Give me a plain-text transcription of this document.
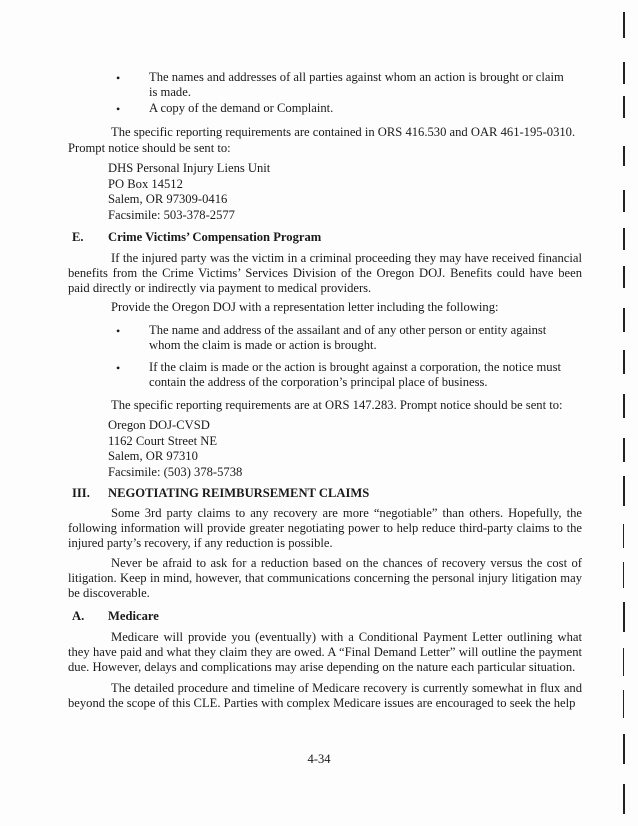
• The names and addresses of all parties against whom an action is brought or claim is made.
• A copy of the demand or Complaint.
The specific reporting requirements are contained in ORS 416.530 and OAR 461-195-0310.
Prompt notice should be sent to:
DHS Personal Injury Liens Unit
PO Box 14512
Salem, OR 97309-0416
Facsimile: 503-378-2577
E. Crime Victims’ Compensation Program
If the injured party was the victim in a criminal proceeding they may have received financial benefits from the Crime Victims’ Services Division of the Oregon DOJ. Benefits could have been paid directly or indirectly via payment to medical providers.
Provide the Oregon DOJ with a representation letter including the following:
• The name and address of the assailant and of any other person or entity against whom the claim is made or action is brought.
• If the claim is made or the action is brought against a corporation, the notice must contain the address of the corporation’s principal place of business.
The specific reporting requirements are at ORS 147.283. Prompt notice should be sent to:
Oregon DOJ-CVSD
1162 Court Street NE
Salem, OR 97310
Facsimile: (503) 378-5738
III. NEGOTIATING REIMBURSEMENT CLAIMS
Some 3rd party claims to any recovery are more “negotiable” than others. Hopefully, the following information will provide greater negotiating power to help reduce third-party claims to the injured party’s recovery, if any reduction is possible.
Never be afraid to ask for a reduction based on the chances of recovery versus the cost of litigation. Keep in mind, however, that communications concerning the personal injury litigation may be discoverable.
A. Medicare
Medicare will provide you (eventually) with a Conditional Payment Letter outlining what they have paid and what they claim they are owed. A “Final Demand Letter” will outline the payment due. However, delays and complications may arise depending on the nature each particular situation.
The detailed procedure and timeline of Medicare recovery is currently somewhat in flux and beyond the scope of this CLE. Parties with complex Medicare issues are encouraged to seek the help
4-34
